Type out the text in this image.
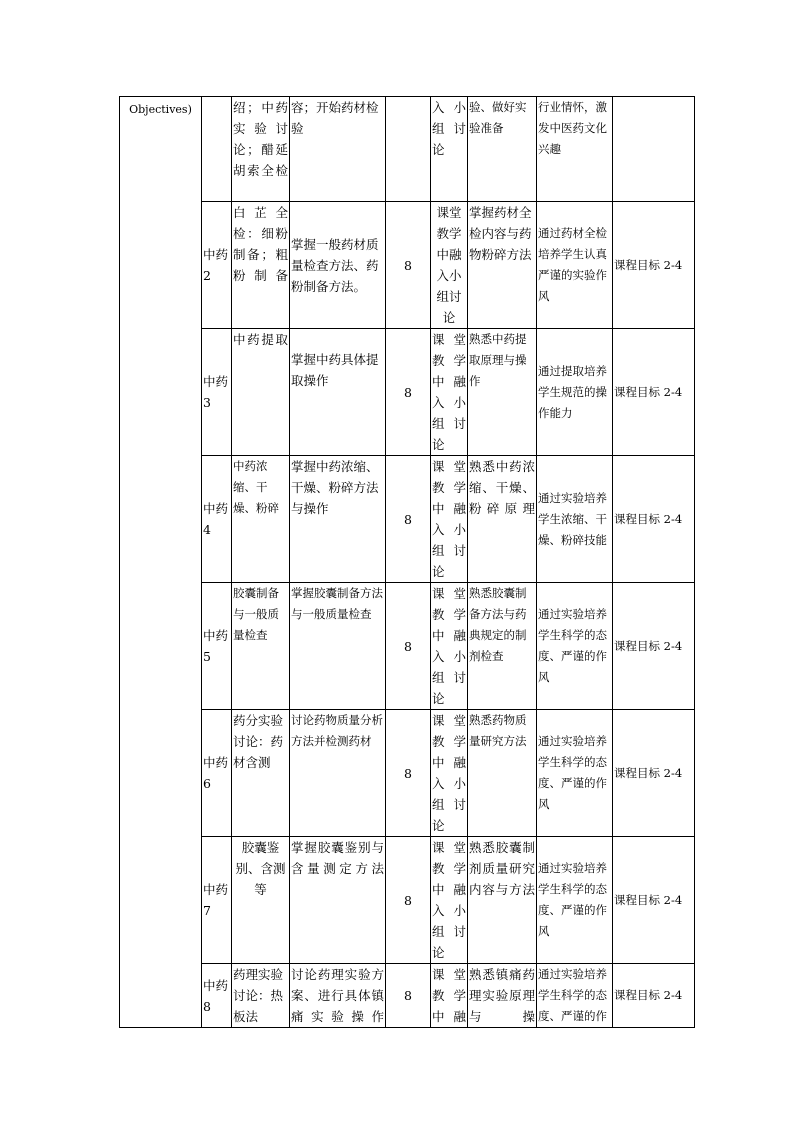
Objectives)		绍；中药实验讨论；醋延胡索全检	容；开始药材检验		入小组讨论	验、做好实验准备	行业情怀，激发中医药文化兴趣	
	中药2	白芷全检：细粉制备；粗粉制备	掌握一般药材质量检查方法、药粉制备方法。	8	课堂教学中融入小组讨论	掌握药材全检内容与药物粉碎方法	通过药材全检培养学生认真严谨的实验作风	课程目标 2-4
	中药3	中药提取	掌握中药具体提取操作	8	课堂教学中融入小组讨论	熟悉中药提取原理与操作	通过提取培养学生规范的操作能力	课程目标 2-4
	中药4	中药浓缩、干燥、粉碎	掌握中药浓缩、干燥、粉碎方法与操作	8	课堂教学中融入小组讨论	熟悉中药浓缩、干燥、粉碎原理	通过实验培养学生浓缩、干燥、粉碎技能	课程目标 2-4
	中药5	胶囊制备与一般质量检查	掌握胶囊制备方法与一般质量检查	8	课堂教学中融入小组讨论	熟悉胶囊制备方法与药典规定的制剂检查	通过实验培养学生科学的态度、严谨的作风	课程目标 2-4
	中药6	药分实验讨论：药材含测	讨论药物质量分析方法并检测药材	8	课堂教学中融入小组讨论	熟悉药物质量研究方法	通过实验培养学生科学的态度、严谨的作风	课程目标 2-4
	中药7	胶囊鉴别、含测等	掌握胶囊鉴别与含量测定方法	8	课堂教学中融入小组讨论	熟悉胶囊制剂质量研究内容与方法	通过实验培养学生科学的态度、严谨的作风	课程目标 2-4
	中药8	药理实验讨论：热板法	讨论药理实验方案、进行具体镇痛实验操作	8	课堂教学中融	熟悉镇痛药理实验原理与操	通过实验培养学生科学的态度、严谨的作	课程目标 2-4
